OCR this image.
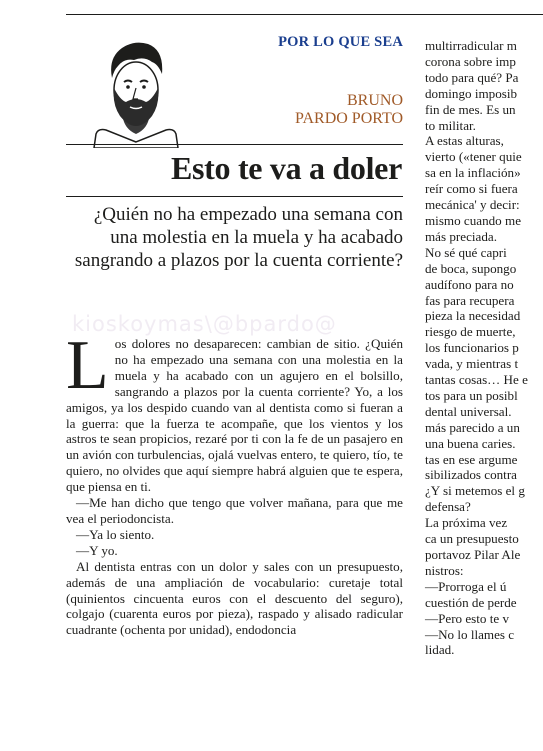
POR LO QUE SEA
BRUNO
PARDO PORTO
Esto te va a doler
¿Quién no ha empezado una semana con una molestia en la muela y ha acabado sangrando a plazos por la cuenta corriente?
kioskoymas\@bpardo@

Los dolores no desaparecen: cambian de sitio. ¿Quién no ha empezado una semana con una molestia en la muela y ha acabado con un agujero en el bolsillo, sangrando a plazos por la cuenta corriente? Yo, a los amigos, ya los despido cuando van al dentista como si fueran a la guerra: que la fuerza te acompañe, que los vientos y los astros te sean propicios, rezaré por ti con la fe de un pasajero en un avión con turbulencias, ojalá vuelvas entero, te quiero, tío, te quiero, no olvides que aquí siempre habrá alguien que te espera, que piensa en ti.

—Me han dicho que tengo que volver mañana, para que me vea el periodoncista.

—Ya lo siento.

—Y yo.

Al dentista entras con un dolor y sales con un presupuesto, además de una ampliación de vocabulario: curetaje total (quinientos cincuenta euros con el descuento del seguro), colgajo (cuarenta euros por pieza), raspado y alisado radicular cuadrante (ochenta por unidad), endodoncia

multirradicular m
corona sobre imp
todo para qué? Pa
domingo imposib
fin de mes. Es un
to militar.
A estas alturas,
vierto («tener quie
sa en la inflación»
reír como si fuera
mecánica' y decir:
mismo cuando me
más preciada.
No sé qué capri
de boca, supongo
audífono para no
fas para recupera
pieza la necesidad
riesgo de muerte,
los funcionarios p
vada, y mientras t
tantas cosas… He e
tos para un posibl
dental universal.
más parecido a un
una buena caries.
tas en ese argume
sibilizados contra
¿Y si metemos el g
defensa?
La próxima vez
ca un presupuesto
portavoz Pilar Ale
nistros:
—Prorroga el ú
cuestión de perde
—Pero esto te v
—No lo llames c
lidad.
